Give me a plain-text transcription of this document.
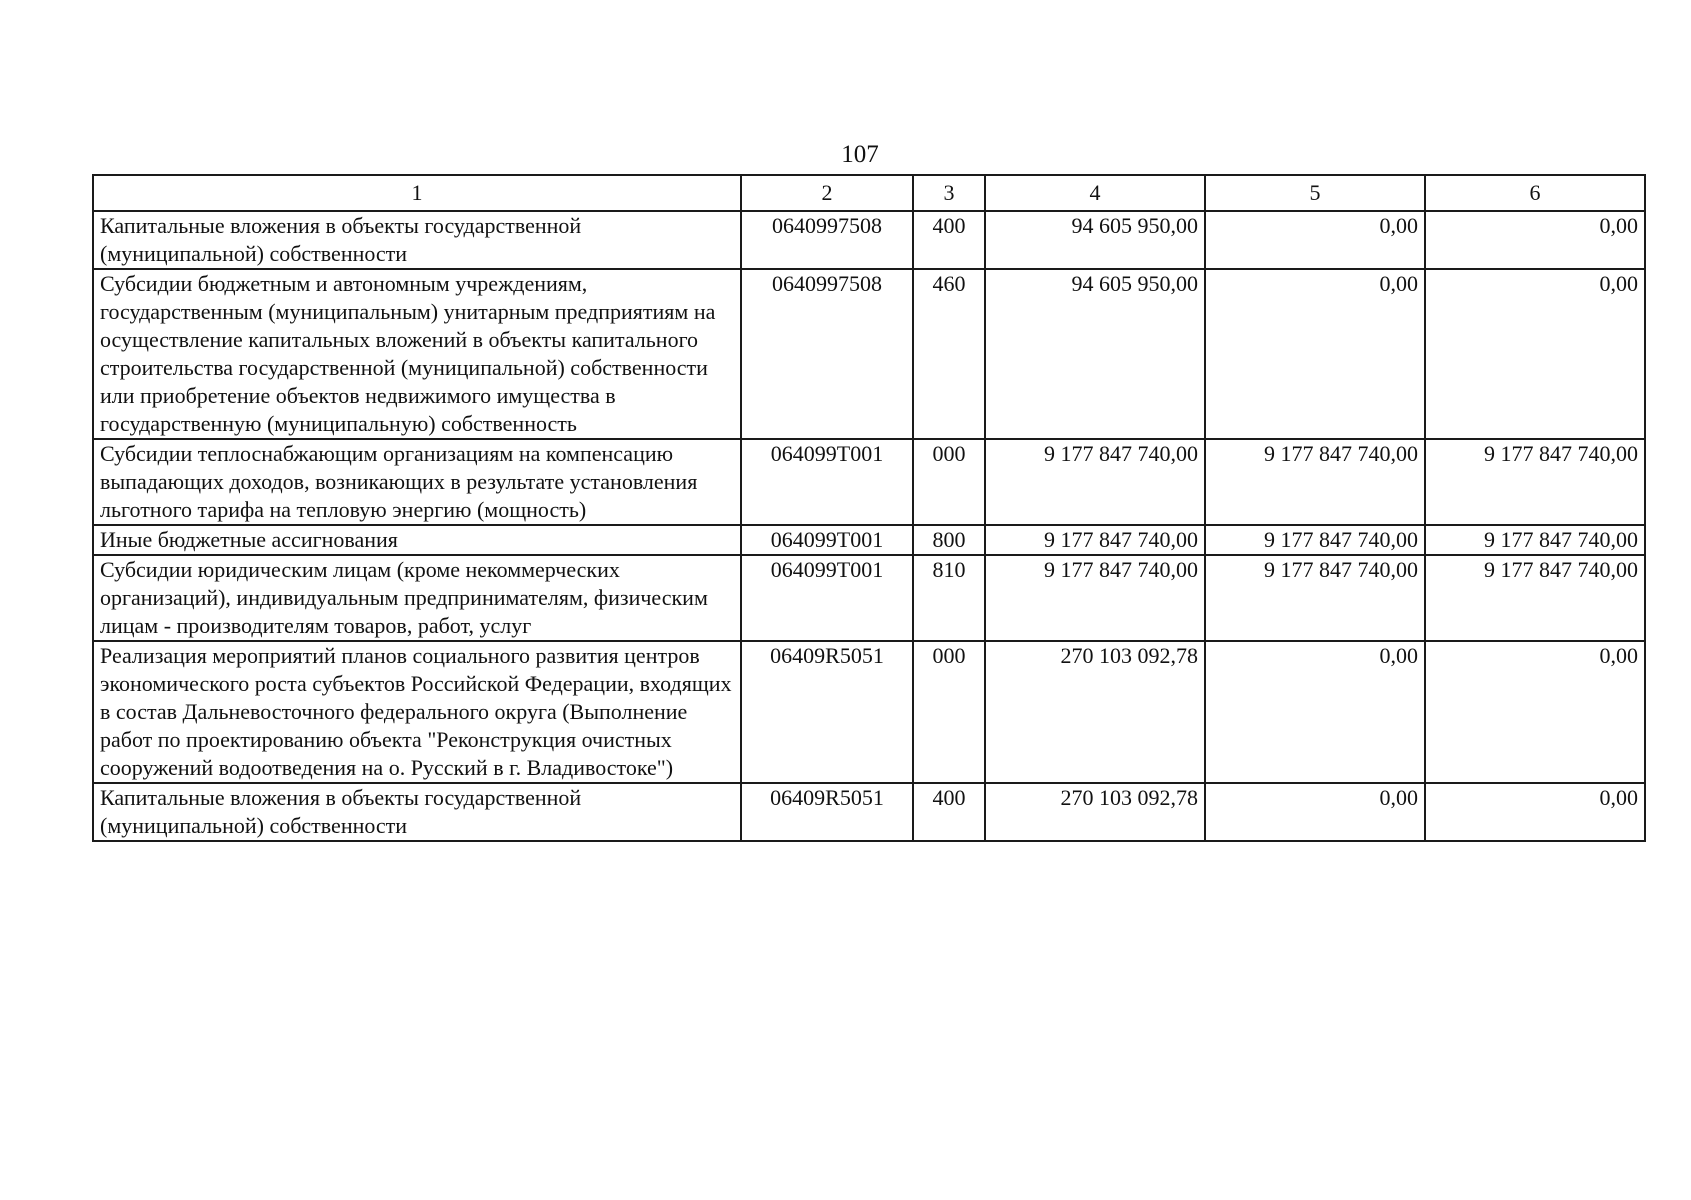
107
1	2	3	4	5	6
Капитальные вложения в объекты государственной (муниципальной) собственности	0640997508	400	94 605 950,00	0,00	0,00
Субсидии бюджетным и автономным учреждениям, государственным (муниципальным) унитарным предприятиям на осуществление капитальных вложений в объекты капитального строительства государственной (муниципальной) собственности или приобретение объектов недвижимого имущества в государственную (муниципальную) собственность	0640997508	460	94 605 950,00	0,00	0,00
Субсидии теплоснабжающим организациям на компенсацию выпадающих доходов, возникающих в результате установления льготного тарифа на тепловую энергию (мощность)	064099Т001	000	9 177 847 740,00	9 177 847 740,00	9 177 847 740,00
Иные бюджетные ассигнования	064099Т001	800	9 177 847 740,00	9 177 847 740,00	9 177 847 740,00
Субсидии юридическим лицам (кроме некоммерческих организаций), индивидуальным предпринимателям, физическим лицам - производителям товаров, работ, услуг	064099Т001	810	9 177 847 740,00	9 177 847 740,00	9 177 847 740,00
Реализация мероприятий планов социального развития центров экономического роста субъектов Российской Федерации, входящих в состав Дальневосточного федерального округа (Выполнение работ по проектированию объекта "Реконструкция очистных сооружений водоотведения на о. Русский в г. Владивостоке")	06409R5051	000	270 103 092,78	0,00	0,00
Капитальные вложения в объекты государственной (муниципальной) собственности	06409R5051	400	270 103 092,78	0,00	0,00
